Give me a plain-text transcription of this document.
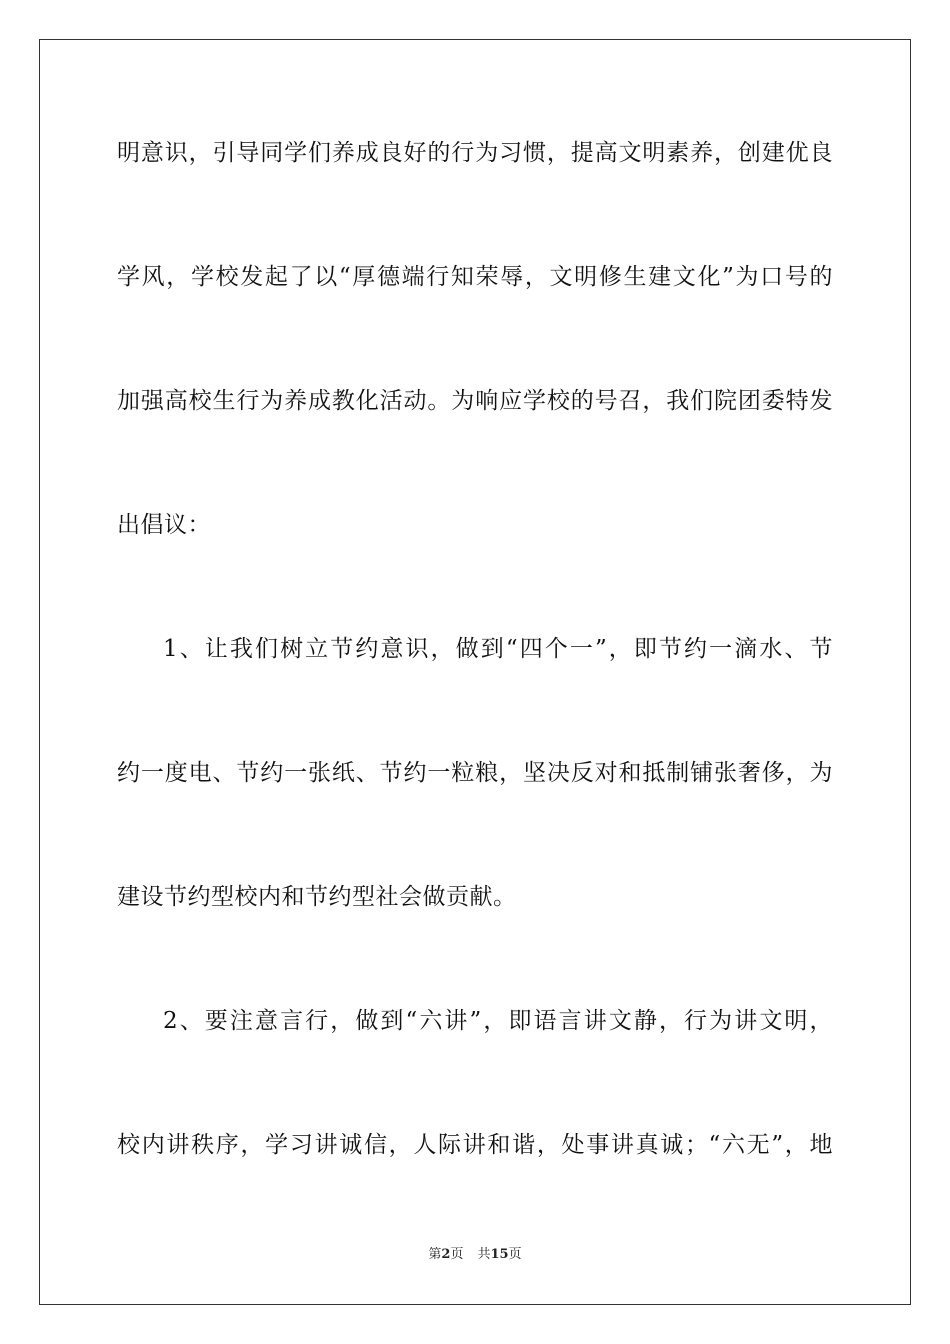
明意识，引导同学们养成良好的行为习惯，提高文明素养，创建优良
学风，学校发起了以“厚德端行知荣辱，文明修生建文化”为口号的
加强高校生行为养成教化活动。为响应学校的号召，我们院团委特发
出倡议：
1、让我们树立节约意识，做到“四个一”，即节约一滴水、节
约一度电、节约一张纸、节约一粒粮，坚决反对和抵制铺张奢侈，为
建设节约型校内和节约型社会做贡献。
2、要注意言行，做到“六讲”，即语言讲文静，行为讲文明，
校内讲秩序，学习讲诚信，人际讲和谐，处事讲真诚；“六无”，地
第2页 共15页
